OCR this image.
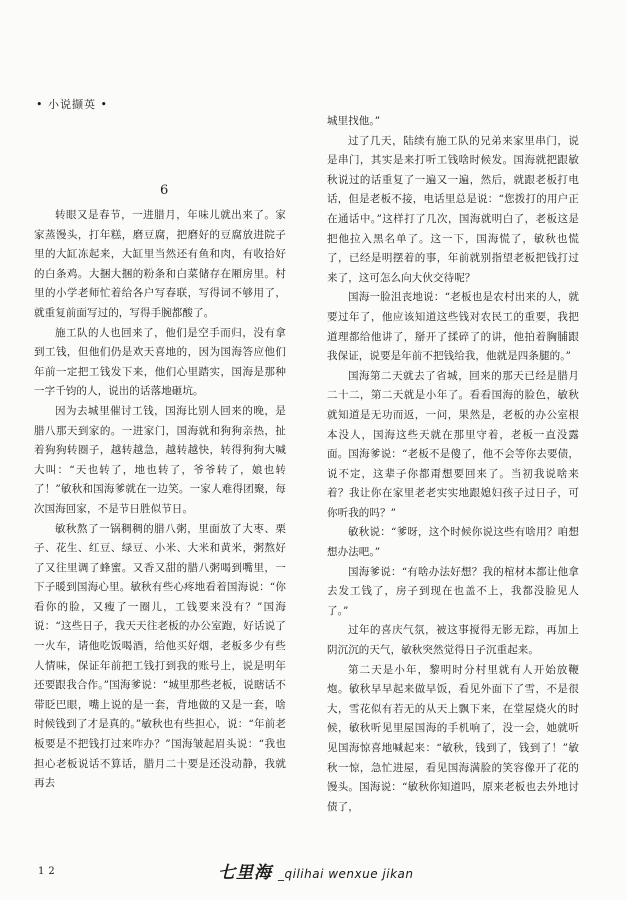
• 小说撷英 •
6

转眼又是春节，一进腊月，年味儿就出来了。家家蒸馒头，打年糕，磨豆腐，把磨好的豆腐放进院子里的大缸冻起来，大缸里当然还有鱼和肉，有收拾好的白条鸡。大捆大捆的粉条和白菜储存在厢房里。村里的小学老师忙着给各户写春联，写得词不够用了，就重复前面写过的，写得手腕都酸了。

施工队的人也回来了，他们是空手而归，没有拿到工钱，但他们仍是欢天喜地的，因为国海答应他们年前一定把工钱发下来，他们心里踏实，国海是那种一字千钧的人，说出的话落地砸坑。

因为去城里催讨工钱，国海比别人回来的晚，是腊八那天到家的。一进家门，国海就和狗狗亲热，扯着狗狗转圈子，越转越急，越转越快，转得狗狗大喊大叫：“天也转了，地也转了，爷爷转了，娘也转了！”敏秋和国海爹就在一边笑。一家人难得团聚，每次国海回家，不是节日胜似节日。

敏秋熬了一锅稠稠的腊八粥，里面放了大枣、栗子、花生、红豆、绿豆、小米、大米和黄米，粥熬好了又往里调了蜂蜜。又香又甜的腊八粥喝到嘴里，一下子暖到国海心里。敏秋有些心疼地看着国海说：“你看你的脸，又瘦了一圈儿，工钱要来没有？”国海说：“这些日子，我天天往老板的办公室跑，好话说了一火车，请他吃饭喝酒，给他买好烟，老板多少有些人情味，保证年前把工钱打到我的账号上，说是明年还要跟我合作。”国海爹说：“城里那些老板，说瞎话不带眨巴眼，嘴上说的是一套，背地做的又是一套，啥时候钱到了才是真的。”敏秋也有些担心，说：“年前老板要是不把钱打过来咋办？”国海皱起眉头说：“我也担心老板说话不算话，腊月二十要是还没动静，我就再去

城里找他。”

过了几天，陆续有施工队的兄弟来家里串门，说是串门，其实是来打听工钱啥时候发。国海就把跟敏秋说过的话重复了一遍又一遍，然后，就跟老板打电话，但是老板不接，电话里总是说：“您拨打的用户正在通话中。”这样打了几次，国海就明白了，老板这是把他拉入黑名单了。这一下，国海慌了，敏秋也慌了，已经是明摆着的事，年前就别指望老板把钱打过来了，这可怎么向大伙交待呢？

国海一脸沮丧地说：“老板也是农村出来的人，就要过年了，他应该知道这些钱对农民工的重要，我把道理都给他讲了，掰开了揉碎了的讲，他拍着胸脯跟我保证，说要是年前不把钱给我，他就是四条腿的。”

国海第二天就去了省城，回来的那天已经是腊月二十二，第二天就是小年了。看看国海的脸色，敏秋就知道是无功而返，一问，果然是，老板的办公室根本没人，国海这些天就在那里守着，老板一直没露面。国海爹说：“老板不是傻了，他不会等你去要债，说不定，这辈子你都甭想要回来了。当初我说啥来着？我让你在家里老老实实地跟媳妇孩子过日子，可你听我的吗？”

敏秋说：“爹呀，这个时候你说这些有啥用？咱想想办法吧。”

国海爹说：“有啥办法好想？我的棺材本都让他拿去发工钱了，房子到现在也盖不上，我都没脸见人了。”

过年的喜庆气氛，被这事搅得无影无踪，再加上阴沉沉的天气，敏秋突然觉得日子沉重起来。

第二天是小年，黎明时分村里就有人开始放鞭炮。敏秋早早起来做早饭，看见外面下了雪，不是很大，雪花似有若无的从天上飘下来，在堂屋烧火的时候，敏秋听见里屋国海的手机响了，没一会，她就听见国海惊喜地喊起来：“敏秋，钱到了，钱到了！”敏秋一惊，急忙进屋，看见国海满脸的笑容像开了花的馒头。国海说：“敏秋你知道吗，原来老板也去外地讨债了，

12	七里海 _qilihai wenxue jikan
